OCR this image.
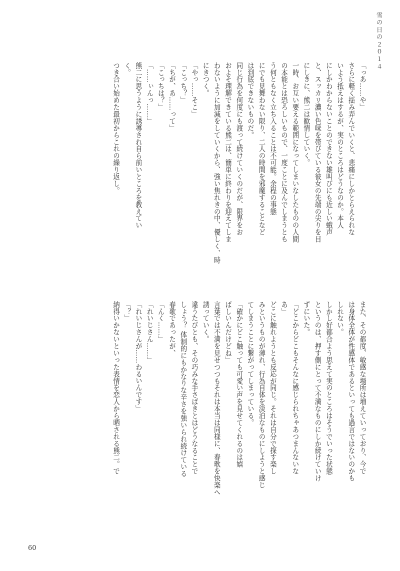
雪の日の２０１４
「っあ……や」
さらに軽く揺み弄んでいくと、悲痛にしかとらえられな
いよう抵えはするが、実のところはどうなのか。本人
にしかわからないことのできない雄叫びにも近しい蛾声
と、スッカリ濃い色味を帯びている彼女の先端の尖りを目
にしきに、熊二は歓情していく。
一時、お互い要える範囲になってしまいなしたものの人間
の本能とは恐ろしいもので、一度ことに及んでしまうとも
う何ともなく立ち入ることは不可能。余程の事態
にでも見舞わない限り、二人の時間を邪魔することなど
は到底できないものだ。
同じ行為を何度にも渡って続けていくのだが、限界をお
およそ理解できている熊二は、簡単に終わりを迎えてしま
わないように加減をしていくから、強い焦れきの中、優しく、時
にきつく。
「やっ……そこ」
「こっち？」
「ちが、あ……って」
「こっちは？」
「……ぃんっ……」
熊二に思うように誘導され自ら前いところを教えてい
く。
つき合い始めた最初からこれの繰り返し。
また、その都度、敏感な場所は増えていっており、今で
は身体全体が性感体であるといっても過言ではないのかも
しれない。
しかし好都合よう思えて実のところはそうでいった状態
というのは、押す側にとって不満なものにしか続けていけ
ずにいた。
「どこからどこもそんなに感じられちゃあつまんないな
あ」
どこに触れようとも反応が同じ。それは自分で探す楽し
みというものが薄れ、行為自体を淡泊なものにしようと感じ
てしまうことに繋がってしまっている。
「確かにどこ触っても可愛い声を見せてくれるのは嬉
ばしいんだけどね」
言葉では不満を見せつつもそれは本当は同様に、春歌を快楽へ
誘っていく。
違うたびとも、その巧みな手さばきとはどうなることで
しょう？ 体制的にもかなりな辛さを強いられ続けている
春歌であったが、
「んく……」
「れいじさん……」
「れいじさんが……わるいんです」
「？」
納得いかないといった表情を恋人から晒される熊二。で
60
